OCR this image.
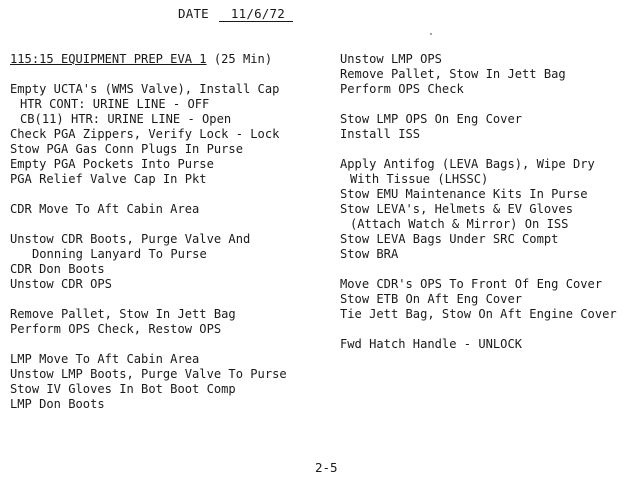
DATE 11/6/72
115:15 EQUIPMENT PREP EVA 1 (25 Min)
Empty UCTA's (WMS Valve), Install Cap
HTR CONT: URINE LINE - OFF
CB(11) HTR: URINE LINE - Open
Check PGA Zippers, Verify Lock - Lock
Stow PGA Gas Conn Plugs In Purse
Empty PGA Pockets Into Purse
PGA Relief Valve Cap In Pkt
CDR Move To Aft Cabin Area
Unstow CDR Boots, Purge Valve And
Donning Lanyard To Purse
CDR Don Boots
Unstow CDR OPS
Remove Pallet, Stow In Jett Bag
Perform OPS Check, Restow OPS
LMP Move To Aft Cabin Area
Unstow LMP Boots, Purge Valve To Purse
Stow IV Gloves In Bot Boot Comp
LMP Don Boots
Unstow LMP OPS
Remove Pallet, Stow In Jett Bag
Perform OPS Check
Stow LMP OPS On Eng Cover
Install ISS
Apply Antifog (LEVA Bags), Wipe Dry
With Tissue (LHSSC)
Stow EMU Maintenance Kits In Purse
Stow LEVA's, Helmets & EV Gloves
(Attach Watch & Mirror) On ISS
Stow LEVA Bags Under SRC Compt
Stow BRA
Move CDR's OPS To Front Of Eng Cover
Stow ETB On Aft Eng Cover
Tie Jett Bag, Stow On Aft Engine Cover
Fwd Hatch Handle - UNLOCK
2-5
